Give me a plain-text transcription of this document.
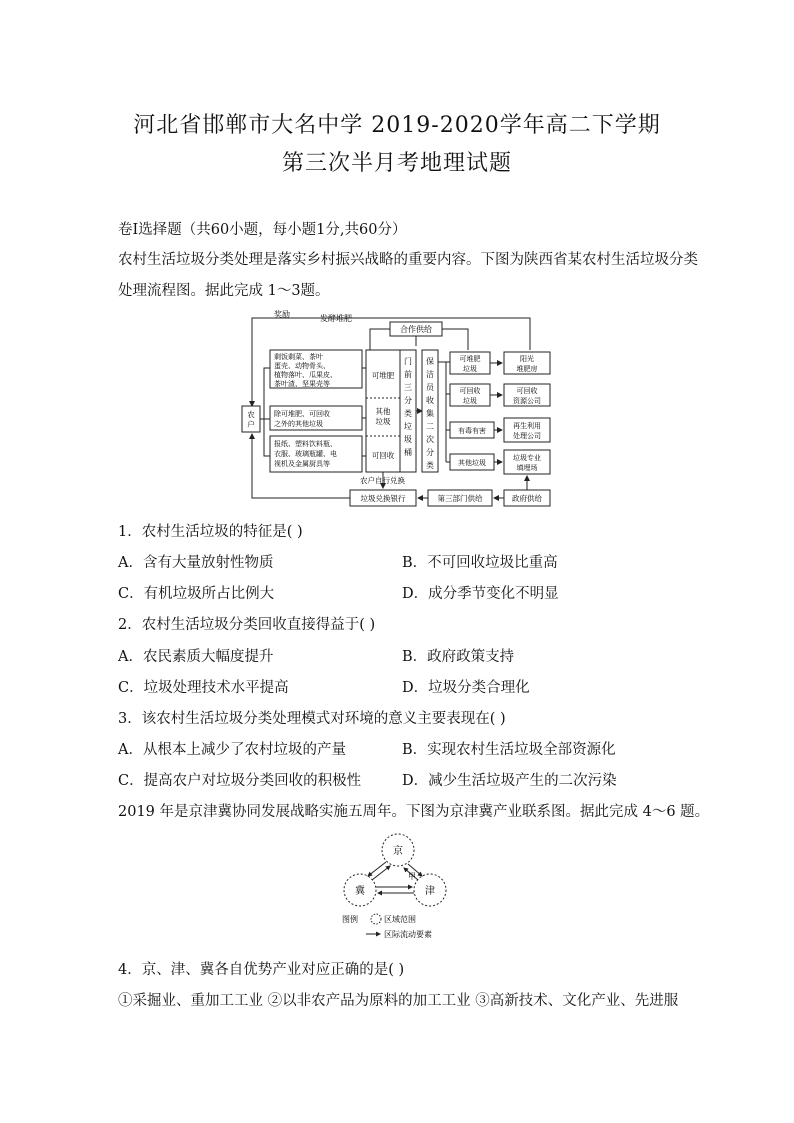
河北省邯郸市大名中学 2019-2020学年高二下学期
第三次半月考地理试题
卷Ⅰ选择题（共60小题，每小题1分,共60分）
农村生活垃圾分类处理是落实乡村振兴战略的重要内容。下图为陕西省某农村生活垃圾分类
处理流程图。据此完成 1～3题。
奖励	发酵堆肥
合作供给
农
户
剩饭剩菜、茶叶
蛋壳、动物骨头、
植物落叶、瓜果皮、
茶叶渣、坚果壳等
除可堆肥、可回收
之外的其他垃圾
报纸、塑料饮料瓶、
衣服、玻璃瓶罐、电
视机及金属厨具等
可堆肥
其他
垃圾
可回收
门
前
三
分
类
垃
圾
桶
保
洁
员
收
集
二
次
分
类
可堆肥
垃圾
阳光
堆肥房
可回收
垃圾
可回收
资源公司
有毒有害
再生利用
处理公司
其他垃圾
垃圾专业
填埋场
农户自行兑换
垃圾兑换银行	第三部门供给	政府供给
1．农村生活垃圾的特征是( )
A．含有大量放射性物质	B．不可回收垃圾比重高
C．有机垃圾所占比例大	D．成分季节变化不明显
2．农村生活垃圾分类回收直接得益于( )
A．农民素质大幅度提升	B．政府政策支持
C．垃圾处理技术水平提高	D．垃圾分类合理化
3．该农村生活垃圾分类处理模式对环境的意义主要表现在( )
A．从根本上减少了农村垃圾的产量	B．实现农村生活垃圾全部资源化
C．提高农户对垃圾分类回收的积极性	D．减少生活垃圾产生的二次污染
2019 年是京津冀协同发展战略实施五周年。下图为京津冀产业联系图。据此完成 4～6 题。
京
冀	津
甲
图例	区域范围
区际流动要素
4．京、津、冀各自优势产业对应正确的是( )
①采掘业、重加工工业 ②以非农产品为原料的加工工业 ③高新技术、文化产业、先进服
